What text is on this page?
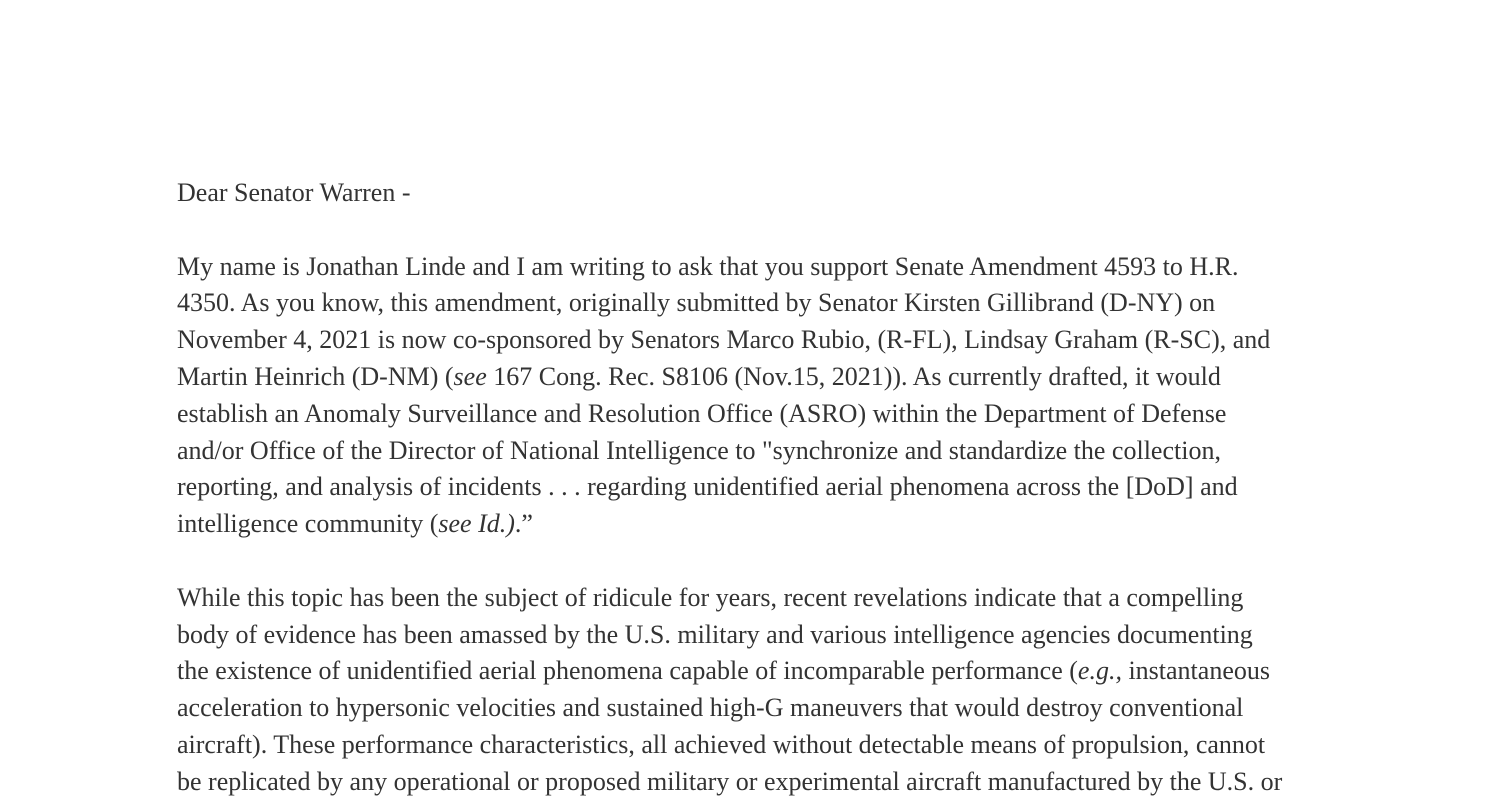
Dear Senator Warren -
My name is Jonathan Linde and I am writing to ask that you support Senate Amendment 4593 to H.R.
4350. As you know, this amendment, originally submitted by Senator Kirsten Gillibrand (D-NY) on
November 4, 2021 is now co-sponsored by Senators Marco Rubio, (R-FL), Lindsay Graham (R-SC), and
Martin Heinrich (D-NM) (see 167 Cong. Rec. S8106 (Nov.15, 2021)). As currently drafted, it would
establish an Anomaly Surveillance and Resolution Office (ASRO) within the Department of Defense
and/or Office of the Director of National Intelligence to "synchronize and standardize the collection,
reporting, and analysis of incidents . . . regarding unidentified aerial phenomena across the [DoD] and
intelligence community (see Id.).”
While this topic has been the subject of ridicule for years, recent revelations indicate that a compelling
body of evidence has been amassed by the U.S. military and various intelligence agencies documenting
the existence of unidentified aerial phenomena capable of incomparable performance (e.g., instantaneous
acceleration to hypersonic velocities and sustained high-G maneuvers that would destroy conventional
aircraft). These performance characteristics, all achieved without detectable means of propulsion, cannot
be replicated by any operational or proposed military or experimental aircraft manufactured by the U.S. or
